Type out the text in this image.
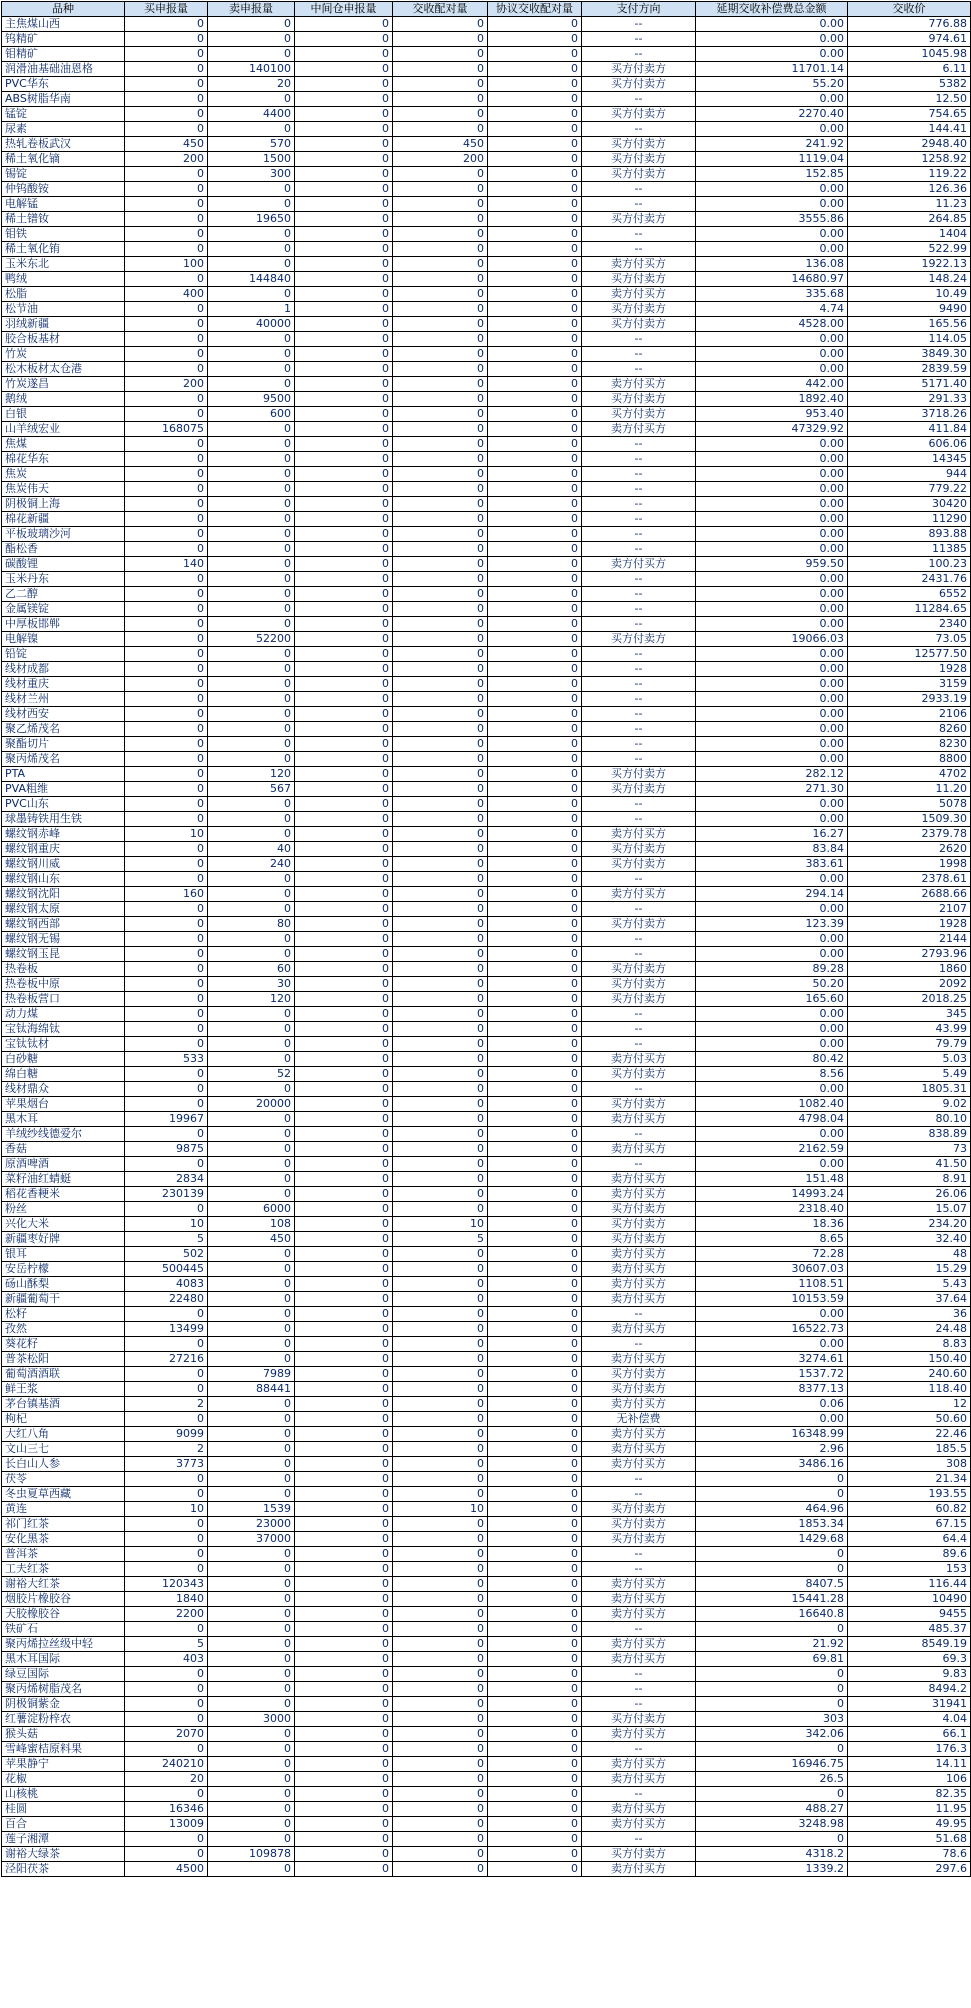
品种	买申报量	卖申报量	中间仓申报量	交收配对量	协议交收配对量	支付方向	延期交收补偿费总金额	交收价
主焦煤山西	0	0	0	0	0	--	0.00	776.88
钨精矿	0	0	0	0	0	--	0.00	974.61
钼精矿	0	0	0	0	0	--	0.00	1045.98
润滑油基础油恩格	0	140100	0	0	0	买方付卖方	11701.14	6.11
PVC华东	0	20	0	0	0	买方付卖方	55.20	5382
ABS树脂华南	0	0	0	0	0	--	0.00	12.50
锰锭	0	4400	0	0	0	买方付卖方	2270.40	754.65
尿素	0	0	0	0	0	--	0.00	144.41
热轧卷板武汉	450	570	0	450	0	买方付卖方	241.92	2948.40
稀土氧化镝	200	1500	0	200	0	买方付卖方	1119.04	1258.92
锡锭	0	300	0	0	0	买方付卖方	152.85	119.22
仲钨酸铵	0	0	0	0	0	--	0.00	126.36
电解锰	0	0	0	0	0	--	0.00	11.23
稀土镨钕	0	19650	0	0	0	买方付卖方	3555.86	264.85
钼铁	0	0	0	0	0	--	0.00	1404
稀土氧化铕	0	0	0	0	0	--	0.00	522.99
玉米东北	100	0	0	0	0	卖方付买方	136.08	1922.13
鸭绒	0	144840	0	0	0	买方付卖方	14680.97	148.24
松脂	400	0	0	0	0	卖方付买方	335.68	10.49
松节油	0	1	0	0	0	买方付卖方	4.74	9490
羽绒新疆	0	40000	0	0	0	买方付卖方	4528.00	165.56
胶合板基材	0	0	0	0	0	--	0.00	114.05
竹炭	0	0	0	0	0	--	0.00	3849.30
松木板材太仓港	0	0	0	0	0	--	0.00	2839.59
竹炭遂昌	200	0	0	0	0	卖方付买方	442.00	5171.40
鹅绒	0	9500	0	0	0	买方付卖方	1892.40	291.33
白银	0	600	0	0	0	买方付卖方	953.40	3718.26
山羊绒宏业	168075	0	0	0	0	卖方付买方	47329.92	411.84
焦煤	0	0	0	0	0	--	0.00	606.06
棉花华东	0	0	0	0	0	--	0.00	14345
焦炭	0	0	0	0	0	--	0.00	944
焦炭伟天	0	0	0	0	0	--	0.00	779.22
阴极铜上海	0	0	0	0	0	--	0.00	30420
棉花新疆	0	0	0	0	0	--	0.00	11290
平板玻璃沙河	0	0	0	0	0	--	0.00	893.88
酯松香	0	0	0	0	0	--	0.00	11385
碳酸锂	140	0	0	0	0	卖方付买方	959.50	100.23
玉米丹东	0	0	0	0	0	--	0.00	2431.76
乙二醇	0	0	0	0	0	--	0.00	6552
金属镁锭	0	0	0	0	0	--	0.00	11284.65
中厚板邯郸	0	0	0	0	0	--	0.00	2340
电解镍	0	52200	0	0	0	买方付卖方	19066.03	73.05
铅锭	0	0	0	0	0	--	0.00	12577.50
线材成都	0	0	0	0	0	--	0.00	1928
线材重庆	0	0	0	0	0	--	0.00	3159
线材兰州	0	0	0	0	0	--	0.00	2933.19
线材西安	0	0	0	0	0	--	0.00	2106
聚乙烯茂名	0	0	0	0	0	--	0.00	8260
聚酯切片	0	0	0	0	0	--	0.00	8230
聚丙烯茂名	0	0	0	0	0	--	0.00	8800
PTA	0	120	0	0	0	买方付卖方	282.12	4702
PVA粗维	0	567	0	0	0	买方付卖方	271.30	11.20
PVC山东	0	0	0	0	0	--	0.00	5078
球墨铸铁用生铁	0	0	0	0	0	--	0.00	1509.30
螺纹钢赤峰	10	0	0	0	0	卖方付买方	16.27	2379.78
螺纹钢重庆	0	40	0	0	0	买方付卖方	83.84	2620
螺纹钢川威	0	240	0	0	0	买方付卖方	383.61	1998
螺纹钢山东	0	0	0	0	0	--	0.00	2378.61
螺纹钢沈阳	160	0	0	0	0	卖方付买方	294.14	2688.66
螺纹钢太原	0	0	0	0	0	--	0.00	2107
螺纹钢西部	0	80	0	0	0	买方付卖方	123.39	1928
螺纹钢无锡	0	0	0	0	0	--	0.00	2144
螺纹钢玉昆	0	0	0	0	0	--	0.00	2793.96
热卷板	0	60	0	0	0	买方付卖方	89.28	1860
热卷板中原	0	30	0	0	0	买方付卖方	50.20	2092
热卷板营口	0	120	0	0	0	买方付卖方	165.60	2018.25
动力煤	0	0	0	0	0	--	0.00	345
宝钛海绵钛	0	0	0	0	0	--	0.00	43.99
宝钛钛材	0	0	0	0	0	--	0.00	79.79
白砂糖	533	0	0	0	0	卖方付买方	80.42	5.03
绵白糖	0	52	0	0	0	买方付卖方	8.56	5.49
线材鼎众	0	0	0	0	0	--	0.00	1805.31
苹果烟台	0	20000	0	0	0	买方付卖方	1082.40	9.02
黑木耳	19967	0	0	0	0	卖方付买方	4798.04	80.10
羊绒纱线德爱尔	0	0	0	0	0	--	0.00	838.89
香菇	9875	0	0	0	0	卖方付买方	2162.59	73
原酒啤酒	0	0	0	0	0	--	0.00	41.50
菜籽油红蜻蜓	2834	0	0	0	0	卖方付买方	151.48	8.91
稻花香粳米	230139	0	0	0	0	卖方付买方	14993.24	26.06
粉丝	0	6000	0	0	0	买方付卖方	2318.40	15.07
兴化大米	10	108	0	10	0	买方付卖方	18.36	234.20
新疆枣好牌	5	450	0	5	0	买方付卖方	8.65	32.40
银耳	502	0	0	0	0	卖方付买方	72.28	48
安岳柠檬	500445	0	0	0	0	卖方付买方	30607.03	15.29
砀山酥梨	4083	0	0	0	0	卖方付买方	1108.51	5.43
新疆葡萄干	22480	0	0	0	0	卖方付买方	10153.59	37.64
松籽	0	0	0	0	0	--	0.00	36
孜然	13499	0	0	0	0	卖方付买方	16522.73	24.48
葵花籽	0	0	0	0	0	--	0.00	8.83
普茶松阳	27216	0	0	0	0	卖方付买方	3274.61	150.40
葡萄酒酒联	0	7989	0	0	0	买方付卖方	1537.72	240.60
鲜王浆	0	88441	0	0	0	买方付卖方	8377.13	118.40
茅台镇基酒	2	0	0	0	0	卖方付买方	0.06	12
枸杞	0	0	0	0	0	无补偿费	0.00	50.60
大红八角	9099	0	0	0	0	卖方付买方	16348.99	22.46
文山三七	2	0	0	0	0	卖方付买方	2.96	185.5
长白山人参	3773	0	0	0	0	卖方付买方	3486.16	308
茯苓	0	0	0	0	0	--	0	21.34
冬虫夏草西藏	0	0	0	0	0	--	0	193.55
黄连	10	1539	0	10	0	买方付卖方	464.96	60.82
祁门红茶	0	23000	0	0	0	买方付卖方	1853.34	67.15
安化黑茶	0	37000	0	0	0	买方付卖方	1429.68	64.4
普洱茶	0	0	0	0	0	--	0	89.6
工夫红茶	0	0	0	0	0	--	0	153
谢裕大红茶	120343	0	0	0	0	卖方付买方	8407.5	116.44
烟胶片橡胶谷	1840	0	0	0	0	卖方付买方	15441.28	10490
天胶橡胶谷	2200	0	0	0	0	卖方付买方	16640.8	9455
铁矿石	0	0	0	0	0	--	0	485.37
聚丙烯拉丝级中轻	5	0	0	0	0	卖方付买方	21.92	8549.19
黑木耳国际	403	0	0	0	0	卖方付买方	69.81	69.3
绿豆国际	0	0	0	0	0	--	0	9.83
聚丙烯树脂茂名	0	0	0	0	0	--	0	8494.2
阴极铜紫金	0	0	0	0	0	--	0	31941
红薯淀粉梓农	0	3000	0	0	0	买方付卖方	303	4.04
猴头菇	2070	0	0	0	0	卖方付买方	342.06	66.1
雪峰蜜桔原料果	0	0	0	0	0	--	0	176.3
苹果静宁	240210	0	0	0	0	卖方付买方	16946.75	14.11
花椒	20	0	0	0	0	卖方付买方	26.5	106
山核桃	0	0	0	0	0	--	0	82.35
桂圆	16346	0	0	0	0	卖方付买方	488.27	11.95
百合	13009	0	0	0	0	卖方付买方	3248.98	49.95
莲子湘潭	0	0	0	0	0	--	0	51.68
谢裕大绿茶	0	109878	0	0	0	买方付卖方	4318.2	78.6
泾阳茯茶	4500	0	0	0	0	卖方付买方	1339.2	297.6
